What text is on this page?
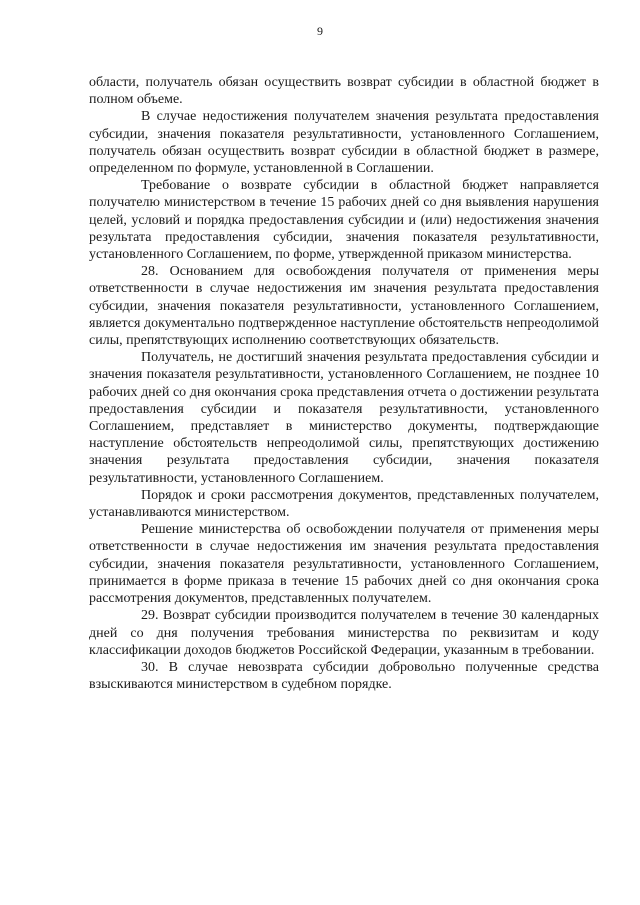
9

области, получатель обязан осуществить возврат субсидии в областной бюджет в полном объеме.

В случае недостижения получателем значения результата предоставления субсидии, значения показателя результативности, установленного Соглашением, получатель обязан осуществить возврат субсидии в областной бюджет в размере, определенном по формуле, установленной в Соглашении.

Требование о возврате субсидии в областной бюджет направляется получателю министерством в течение 15 рабочих дней со дня выявления нарушения целей, условий и порядка предоставления субсидии и (или) недостижения значения результата предоставления субсидии, значения показателя результативности, установленного Соглашением, по форме, утвержденной приказом министерства.

28. Основанием для освобождения получателя от применения меры ответственности в случае недостижения им значения результата предоставления субсидии, значения показателя результативности, установленного Соглашением, является документально подтвержденное наступление обстоятельств непреодолимой силы, препятствующих исполнению соответствующих обязательств.

Получатель, не достигший значения результата предоставления субсидии и значения показателя результативности, установленного Соглашением, не позднее 10 рабочих дней со дня окончания срока представления отчета о достижении результата предоставления субсидии и показателя результативности, установленного Соглашением, представляет в министерство документы, подтверждающие наступление обстоятельств непреодолимой силы, препятствующих достижению значения результата предоставления субсидии, значения показателя результативности, установленного Соглашением.

Порядок и сроки рассмотрения документов, представленных получателем, устанавливаются министерством.

Решение министерства об освобождении получателя от применения меры ответственности в случае недостижения им значения результата предоставления субсидии, значения показателя результативности, установленного Соглашением, принимается в форме приказа в течение 15 рабочих дней со дня окончания срока рассмотрения документов, представленных получателем.

29. Возврат субсидии производится получателем в течение 30 календарных дней со дня получения требования министерства по реквизитам и коду классификации доходов бюджетов Российской Федерации, указанным в требовании.

30. В случае невозврата субсидии добровольно полученные средства взыскиваются министерством в судебном порядке.
